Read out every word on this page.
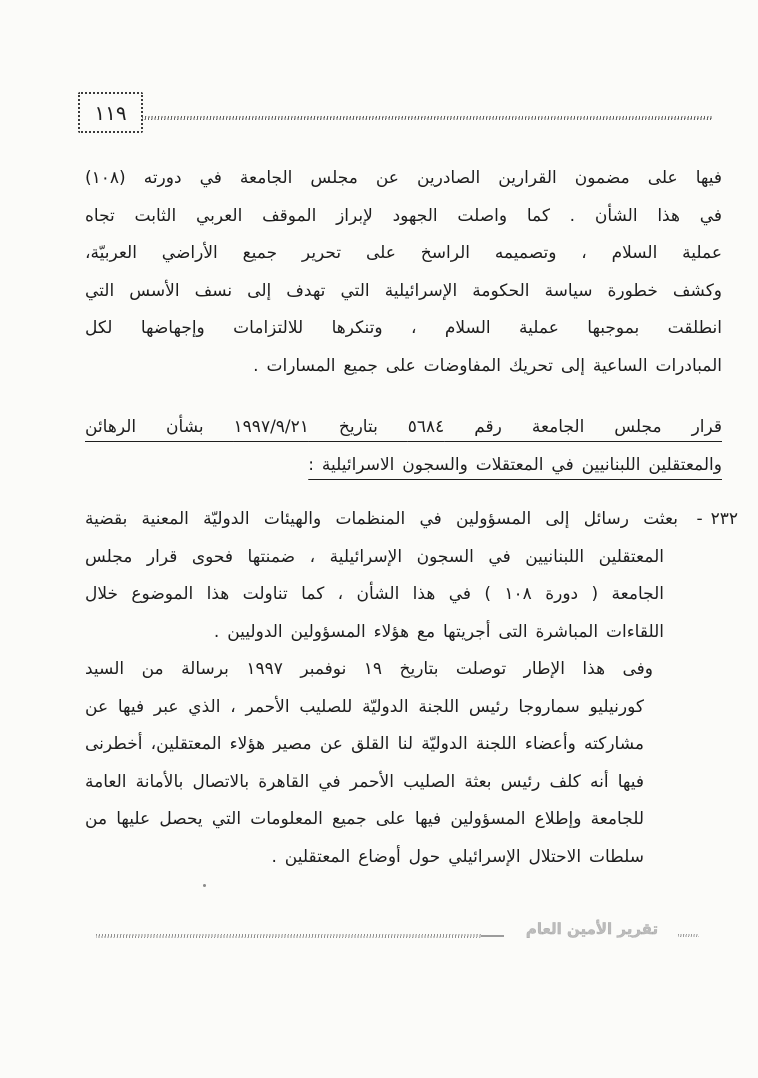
١١٩
فيها على مضمون القرارين الصادرين عن مجلس الجامعة في دورته (١٠٨)
في هذا الشأن . كما واصلت الجهود لإبراز الموقف العربي الثابت تجاه
عملية السلام ، وتصميمه الراسخ على تحرير جميع الأراضي العربيّة،
وكشف خطورة سياسة الحكومة الإسرائيلية التي تهدف إلى نسف الأسس التي
انطلقت بموجبها عملية السلام ، وتنكرها للالتزامات وإجهاضها لكل
المبادرات الساعية إلى تحريك المفاوضات على جميع المسارات .
قرار مجلس الجامعة رقم ٥٦٨٤ بتاريخ ١٩٩٧/٩/٢١ بشأن الرهائن
والمعتقلين اللبنانيين في المعتقلات والسجون الاسرائيلية :
٢٣٢ -
بعثت رسائل إلى المسؤولين في المنظمات والهيئات الدوليّة المعنية بقضية
المعتقلين اللبنانيين في السجون الإسرائيلية ، ضمنتها فحوى قرار مجلس
الجامعة ( دورة ١٠٨ ) في هذا الشأن ، كما تناولت هذا الموضوع خلال
اللقاءات المباشرة التى أجريتها مع هؤلاء المسؤولين الدوليين .
وفى هذا الإطار توصلت بتاريخ ١٩ نوفمبر ١٩٩٧ برسالة من السيد
كورنيليو سماروجا رئيس اللجنة الدوليّة للصليب الأحمر ، الذي عبر فيها عن
مشاركته وأعضاء اللجنة الدوليّة لنا القلق عن مصير هؤلاء المعتقلين، أخطرنى
فيها أنه كلف رئيس بعثة الصليب الأحمر في القاهرة بالاتصال بالأمانة العامة
للجامعة وإطلاع المسؤولين فيها على جميع المعلومات التي يحصل عليها من
سلطات الاحتلال الإسرائيلي حول أوضاع المعتقلين .
تقرير الأمين العام
